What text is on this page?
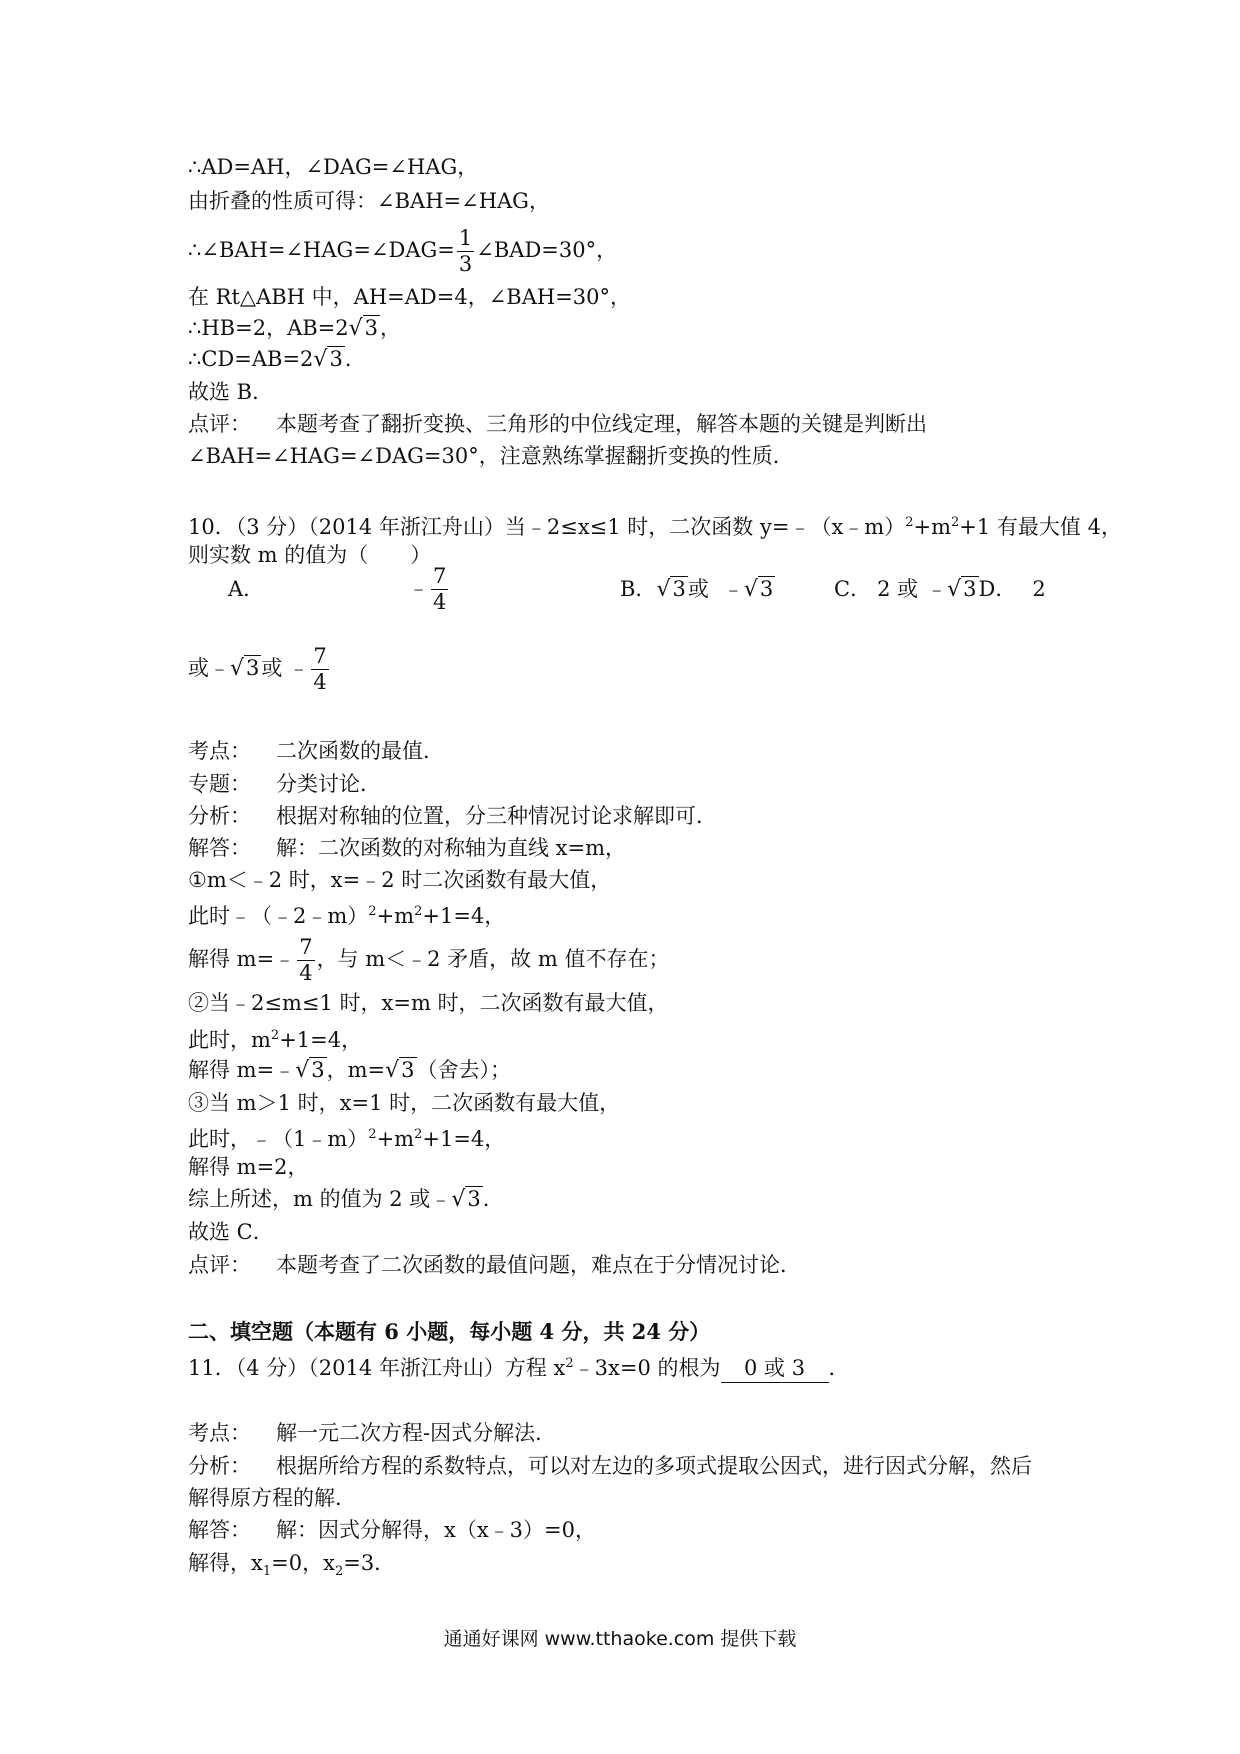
∴AD=AH，∠DAG=∠HAG，
由折叠的性质可得：∠BAH=∠HAG，
∴∠BAH=∠HAG=∠DAG= $\frac{1}{3}$ ∠BAD=30°，
在 Rt△ABH 中，AH=AD=4，∠BAH=30°，
∴HB=2，AB=2√3，
∴CD=AB=2√3.
故选 B．
点评： 本题考查了翻折变换、三角形的中位线定理，解答本题的关键是判断出
∠BAH=∠HAG=∠DAG=30°，注意熟练掌握翻折变换的性质．
10．（3 分）（2014 年浙江舟山）当﹣2≤x≤1 时，二次函数 $y=﹣(x﹣m)^2+m^2+1$ 有最大值 4，
则实数 m 的值为（　　）
A．	﹣ $\frac{7}{4}$	B．√3或 ﹣√3	C． 2 或 ﹣√3D． 2
或﹣√3或 ﹣ $\frac{7}{4}$
考点： 二次函数的最值．
专题： 分类讨论．
分析： 根据对称轴的位置，分三种情况讨论求解即可．
解答： 解：二次函数的对称轴为直线 x=m，
①m＜﹣2 时，x=﹣2 时二次函数有最大值，
此时$﹣(﹣2﹣m)^2+m^2+1=4$，
解得 m=﹣ $\frac{7}{4}$ ，与 m＜﹣2 矛盾，故 m 值不存在；
②当﹣2≤m≤1 时，x=m 时，二次函数有最大值，
此时，$m^2+1=4$，
解得 m=﹣√3，m=√3（舍去）；
③当 m＞1 时，x=1 时，二次函数有最大值，
此时，$﹣(1﹣m)^2+m^2+1=4$，
解得 m=2，
综上所述，m 的值为 2 或﹣√3.
故选 C．
点评： 本题考查了二次函数的最值问题，难点在于分情况讨论．
二、填空题（本题有 6 小题，每小题 4 分，共 24 分）
11．（4 分）（2014 年浙江舟山）方程 $x^2﹣3x=0$ 的根为 0 或 3 ．
考点： 解一元二次方程-因式分解法．
分析： 根据所给方程的系数特点，可以对左边的多项式提取公因式，进行因式分解，然后
解得原方程的解．
解答： 解：因式分解得，x（x﹣3）=0，
解得，$x_1=0$，$x_2=3$．
通通好课网 www.tthaoke.com 提供下载
